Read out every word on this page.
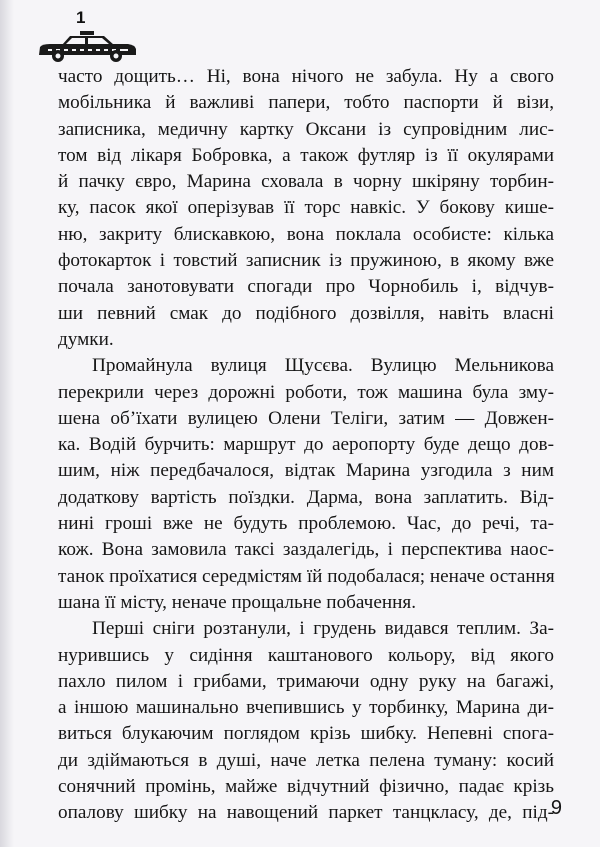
1
часто дощить… Ні, вона нічого не забула. Ну а свого
мобільника й важливі папери, тобто паспорти й візи,
записника, медичну картку Оксани із супровідним лис-
том від лікаря Бобровка, а також футляр із її окулярами
й пачку євро, Марина сховала в чорну шкіряну торбин-
ку, пасок якої оперізував її торс навкіс. У бокову кише-
ню, закриту блискавкою, вона поклала особисте: кілька
фотокарток і товстий записник із пружиною, в якому вже
почала занотовувати спогади про Чорнобиль і, відчув-
ши певний смак до подібного дозвілля, навіть власні
думки.
Промайнула вулиця Щусєва. Вулицю Мельникова
перекрили через дорожні роботи, тож машина була зму-
шена об’їхати вулицею Олени Теліги, затим — Довжен-
ка. Водій бурчить: маршрут до аеропорту буде дещо дов-
шим, ніж передбачалося, відтак Марина узгодила з ним
додаткову вартість поїздки. Дарма, вона заплатить. Від-
нині гроші вже не будуть проблемою. Час, до речі, та-
кож. Вона замовила таксі заздалегідь, і перспектива наос-
танок проїхатися середмістям їй подобалася; неначе остання
шана її місту, неначе прощальне побачення.
Перші сніги розтанули, і грудень видався теплим. За-
нурившись у сидіння каштанового кольору, від якого
пахло пилом і грибами, тримаючи одну руку на багажі,
а іншою машинально вчепившись у торбинку, Марина ди-
виться блукаючим поглядом крізь шибку. Непевні спога-
ди здіймаються в душі, наче летка пелена туману: косий
сонячний промінь, майже відчутний фізично, падає крізь
опалову шибку на навощений паркет танцкласу, де, під-
9
